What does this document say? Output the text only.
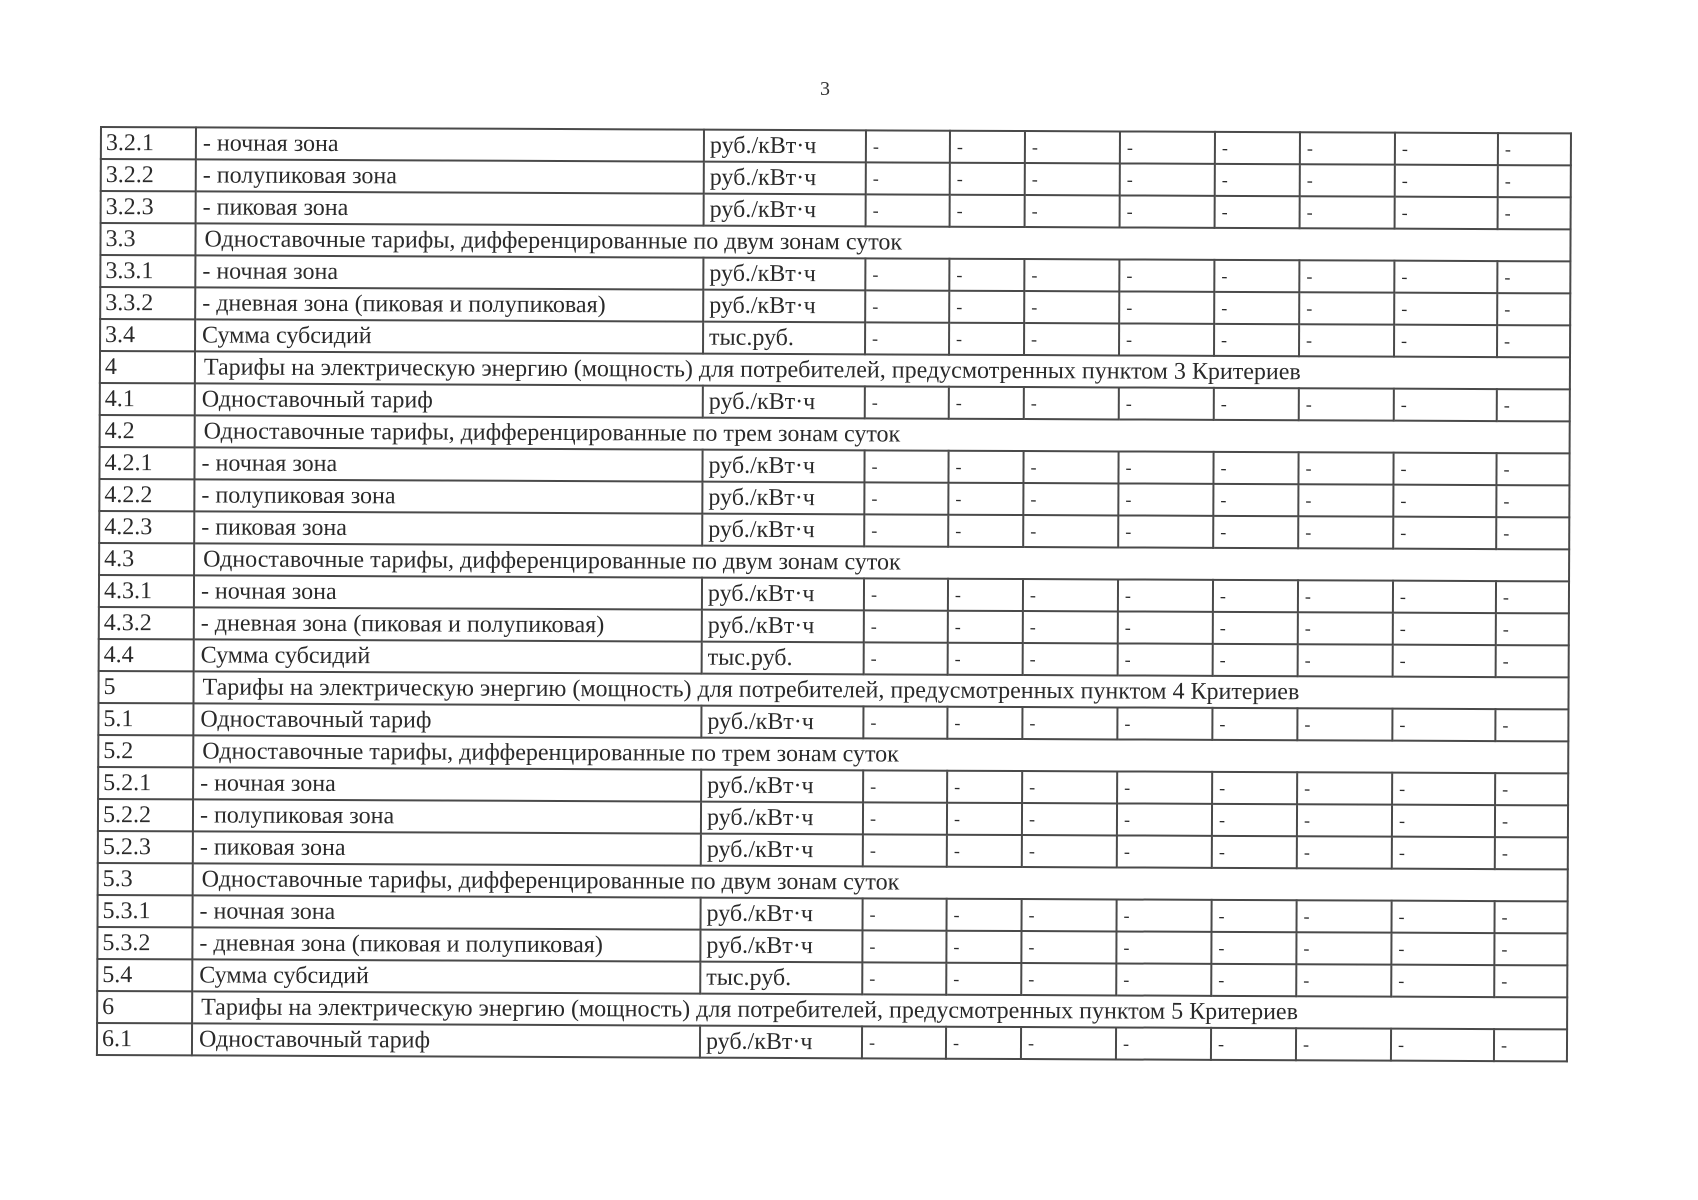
3
3.2.1	- ночная зона	руб./кВт·ч	-	-	-	-	-	-	-	-
3.2.2	- полупиковая зона	руб./кВт·ч	-	-	-	-	-	-	-	-
3.2.3	- пиковая зона	руб./кВт·ч	-	-	-	-	-	-	-	-
3.3	Одноставочные тарифы, дифференцированные по двум зонам суток									
3.3.1	- ночная зона	руб./кВт·ч	-	-	-	-	-	-	-	-
3.3.2	- дневная зона (пиковая и полупиковая)	руб./кВт·ч	-	-	-	-	-	-	-	-
3.4	Сумма субсидий	тыс.руб.	-	-	-	-	-	-	-	-
4	Тарифы на электрическую энергию (мощность) для потребителей, предусмотренных пунктом 3 Критериев									
4.1	Одноставочный тариф	руб./кВт·ч	-	-	-	-	-	-	-	-
4.2	Одноставочные тарифы, дифференцированные по трем зонам суток									
4.2.1	- ночная зона	руб./кВт·ч	-	-	-	-	-	-	-	-
4.2.2	- полупиковая зона	руб./кВт·ч	-	-	-	-	-	-	-	-
4.2.3	- пиковая зона	руб./кВт·ч	-	-	-	-	-	-	-	-
4.3	Одноставочные тарифы, дифференцированные по двум зонам суток									
4.3.1	- ночная зона	руб./кВт·ч	-	-	-	-	-	-	-	-
4.3.2	- дневная зона (пиковая и полупиковая)	руб./кВт·ч	-	-	-	-	-	-	-	-
4.4	Сумма субсидий	тыс.руб.	-	-	-	-	-	-	-	-
5	Тарифы на электрическую энергию (мощность) для потребителей, предусмотренных пунктом 4 Критериев									
5.1	Одноставочный тариф	руб./кВт·ч	-	-	-	-	-	-	-	-
5.2	Одноставочные тарифы, дифференцированные по трем зонам суток									
5.2.1	- ночная зона	руб./кВт·ч	-	-	-	-	-	-	-	-
5.2.2	- полупиковая зона	руб./кВт·ч	-	-	-	-	-	-	-	-
5.2.3	- пиковая зона	руб./кВт·ч	-	-	-	-	-	-	-	-
5.3	Одноставочные тарифы, дифференцированные по двум зонам суток									
5.3.1	- ночная зона	руб./кВт·ч	-	-	-	-	-	-	-	-
5.3.2	- дневная зона (пиковая и полупиковая)	руб./кВт·ч	-	-	-	-	-	-	-	-
5.4	Сумма субсидий	тыс.руб.	-	-	-	-	-	-	-	-
6	Тарифы на электрическую энергию (мощность) для потребителей, предусмотренных пунктом 5 Критериев									
6.1	Одноставочный тариф	руб./кВт·ч	-	-	-	-	-	-	-	-
